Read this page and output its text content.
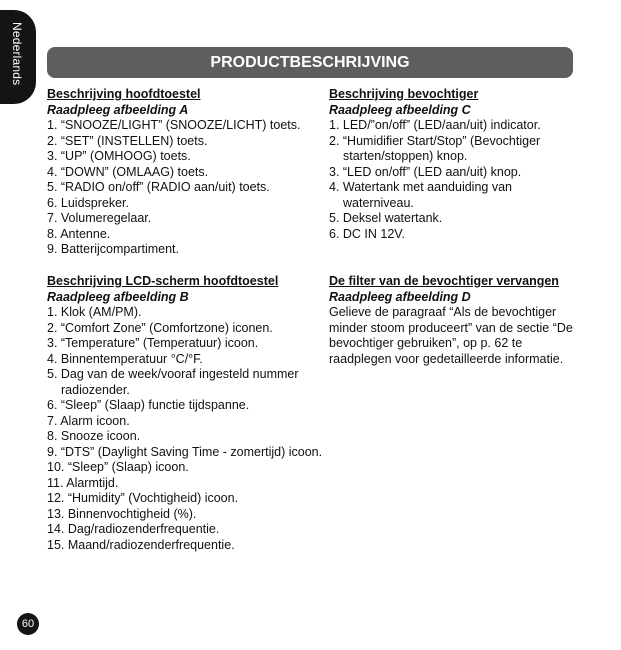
Nederlands	PRODUCTBESCHRIJVING
Beschrijving hoofdtoestel
Raadpleeg afbeelding A
1. “SNOOZE/LIGHT” (SNOOZE/LICHT) toets.
2. “SET” (INSTELLEN) toets.
3. “UP” (OMHOOG) toets.
4. “DOWN” (OMLAAG) toets.
5. “RADIO on/off” (RADIO aan/uit) toets.
6. Luidspreker.
7. Volumeregelaar.
8. Antenne.
9. Batterijcompartiment.
Beschrijving bevochtiger
Raadpleeg afbeelding C
1. LED/”on/off” (LED/aan/uit) indicator.
2. “Humidifier Start/Stop” (Bevochtiger starten/stoppen) knop.
3. “LED on/off” (LED aan/uit) knop.
4. Watertank met aanduiding van waterniveau.
5. Deksel watertank.
6. DC IN 12V.
Beschrijving LCD-scherm hoofdtoestel
Raadpleeg afbeelding B
1. Klok (AM/PM).
2. “Comfort Zone” (Comfortzone) iconen.
3. “Temperature” (Temperatuur) icoon.
4. Binnentemperatuur °C/°F.
5. Dag van de week/vooraf ingesteld nummer radiozender.
6. “Sleep” (Slaap) functie tijdspanne.
7. Alarm icoon.
8. Snooze icoon.
9. “DTS” (Daylight Saving Time - zomertijd) icoon.
10. “Sleep” (Slaap) icoon.
11. Alarmtijd.
12. “Humidity” (Vochtigheid) icoon.
13. Binnenvochtigheid (%).
14. Dag/radiozenderfrequentie.
15. Maand/radiozenderfrequentie.
De filter van de bevochtiger vervangen
Raadpleeg afbeelding D
Gelieve de paragraaf “Als de bevochtiger minder stoom produceert” van de sectie “De bevochtiger gebruiken”, op p. 62 te raadplegen voor gedetailleerde informatie.
60
